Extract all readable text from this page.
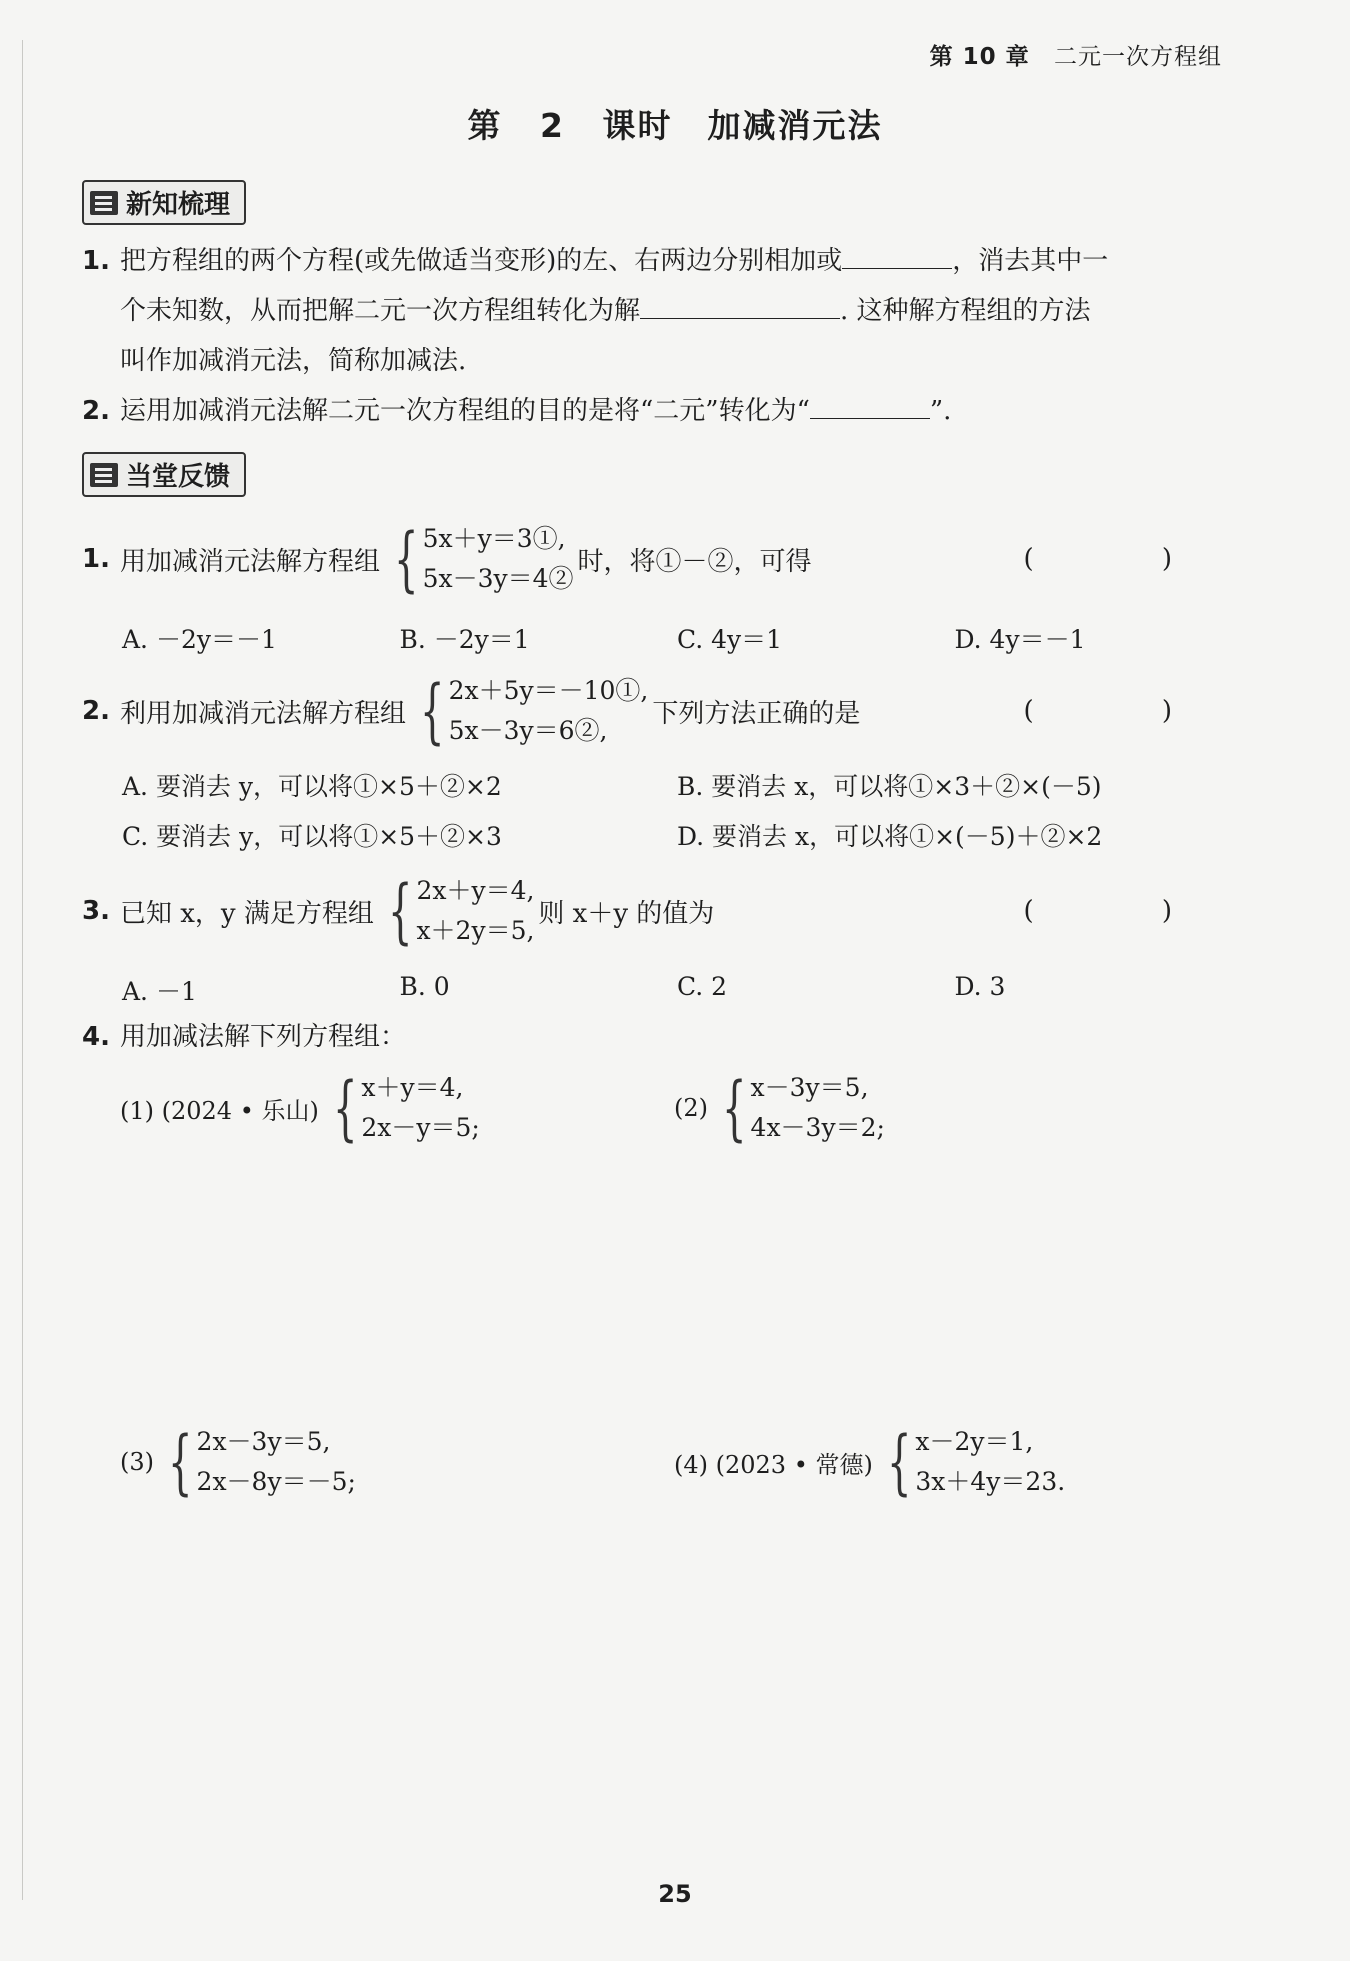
第 10 章 二元一次方程组
第 2 课时　加减消元法
新知梳理
1. 把方程组的两个方程(或先做适当变形)的左、右两边分别相加或	，消去其中一
个未知数，从而把解二元一次方程组转化为解	. 这种解方程组的方法
叫作加减消元法，简称加减法.
2. 运用加减消元法解二元一次方程组的目的是将“二元”转化为“	”.
当堂反馈
1. 用加减消元法解方程组 { 5x＋y＝3①,
5x－3y＝4②
时，将①－②，可得	( )
A. －2y＝－1	B. －2y＝1	C. 4y＝1	D. 4y＝－1
2. 利用加减消元法解方程组 { 2x＋5y＝－10①,
5x－3y＝6②,
下列方法正确的是	( )
A. 要消去 y，可以将①×5＋②×2	B. 要消去 x，可以将①×3＋②×(－5)
C. 要消去 y，可以将①×5＋②×3	D. 要消去 x，可以将①×(－5)＋②×2
3. 已知 x，y 满足方程组 { 2x＋y＝4,
x＋2y＝5,
则 x＋y 的值为	( )
A. －1	B. 0	C. 2	D. 3
4. 用加减法解下列方程组：
(1) (2024 • 乐山) { x＋y＝4,
2x－y＝5;
(2) { x－3y＝5,
4x－3y＝2;
(3) { 2x－3y＝5,
2x－8y＝－5;
(4) (2023 • 常德) { x－2y＝1,
3x＋4y＝23.
25
